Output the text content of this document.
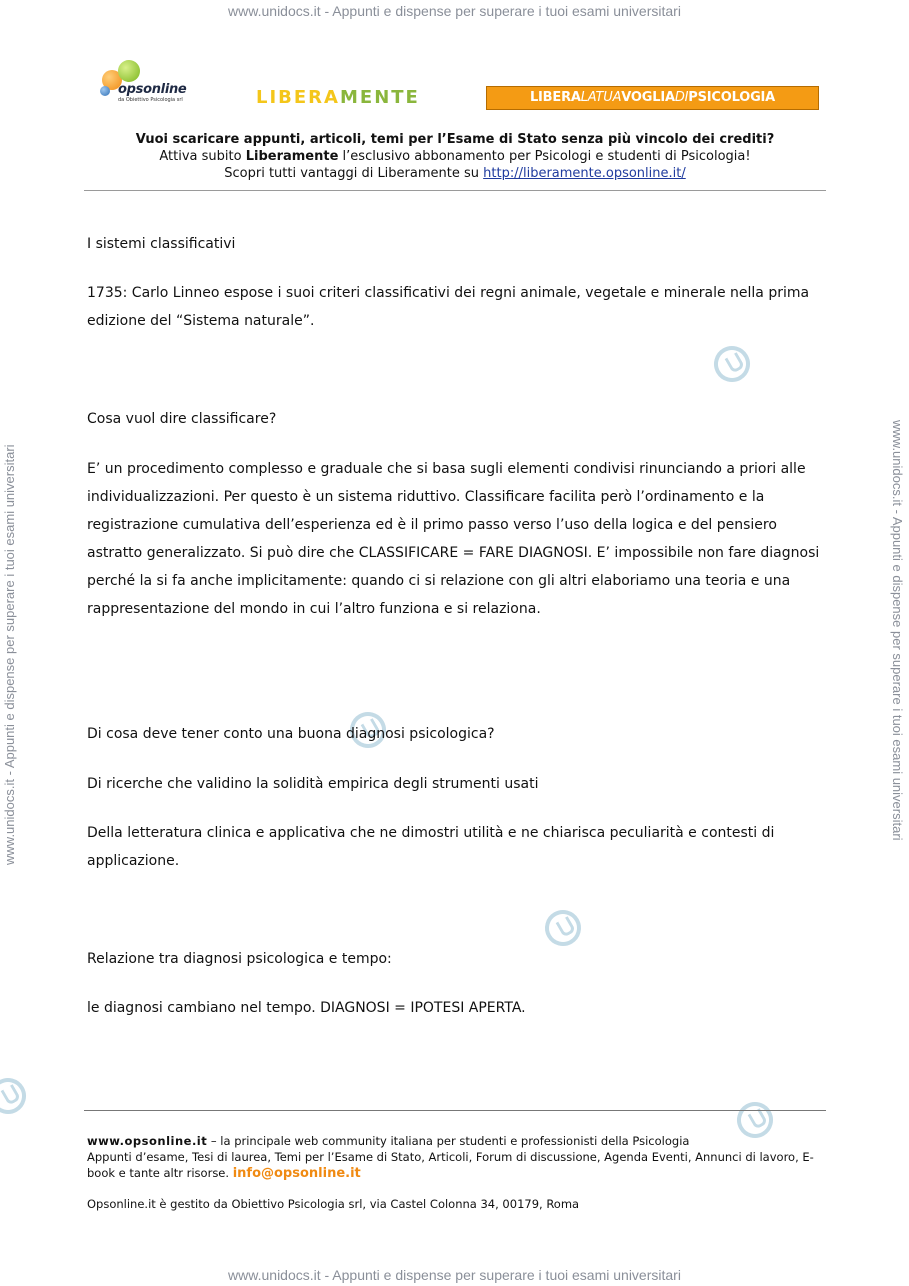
www.unidocs.it - Appunti e dispense per superare i tuoi esami universitari
www.unidocs.it - Appunti e dispense per superare i tuoi esami universitari
www.unidocs.it - Appunti e dispense per superare i tuoi esami universitari	www.unidocs.it - Appunti e dispense per superare i tuoi esami universitari
opsonline
da Obiettivo Psicologia srl	LIBERAMENTE	LIBERALATUAVOGLIADIPSICOLOGIA
Vuoi scaricare appunti, articoli, temi per l’Esame di Stato senza più vincolo dei crediti?
Attiva subito Liberamente l’esclusivo abbonamento per Psicologi e studenti di Psicologia!
Scopri tutti vantaggi di Liberamente su http://liberamente.opsonline.it/

I sistemi classificativi

1735: Carlo Linneo espose i suoi criteri classificativi dei regni animale, vegetale e minerale nella prima edizione del “Sistema naturale”.

Cosa vuol dire classificare?

E’ un procedimento complesso e graduale che si basa sugli elementi condivisi rinunciando a priori alle individualizzazioni. Per questo è un sistema riduttivo. Classificare facilita però l’ordinamento e la registrazione cumulativa dell’esperienza ed è il primo passo verso l’uso della logica e del pensiero astratto generalizzato. Si può dire che CLASSIFICARE = FARE DIAGNOSI. E’ impossibile non fare diagnosi perché la si fa anche implicitamente: quando ci si relazione con gli altri elaboriamo una teoria e una rappresentazione del mondo in cui l’altro funziona e si relaziona.

Di cosa deve tener conto una buona diagnosi psicologica?

Di ricerche che validino la solidità empirica degli strumenti usati

Della letteratura clinica e applicativa che ne dimostri utilità e ne chiarisca peculiarità e contesti di applicazione.

Relazione tra diagnosi psicologica e tempo:

le diagnosi cambiano nel tempo. DIAGNOSI = IPOTESI APERTA.

www.opsonline.it – la principale web community italiana per studenti e professionisti della Psicologia
Appunti d’esame, Tesi di laurea, Temi per l’Esame di Stato, Articoli, Forum di discussione, Agenda Eventi, Annunci di lavoro, E-book e tante altr risorse. info@opsonline.it
Opsonline.it è gestito da Obiettivo Psicologia srl, via Castel Colonna 34, 00179, Roma
